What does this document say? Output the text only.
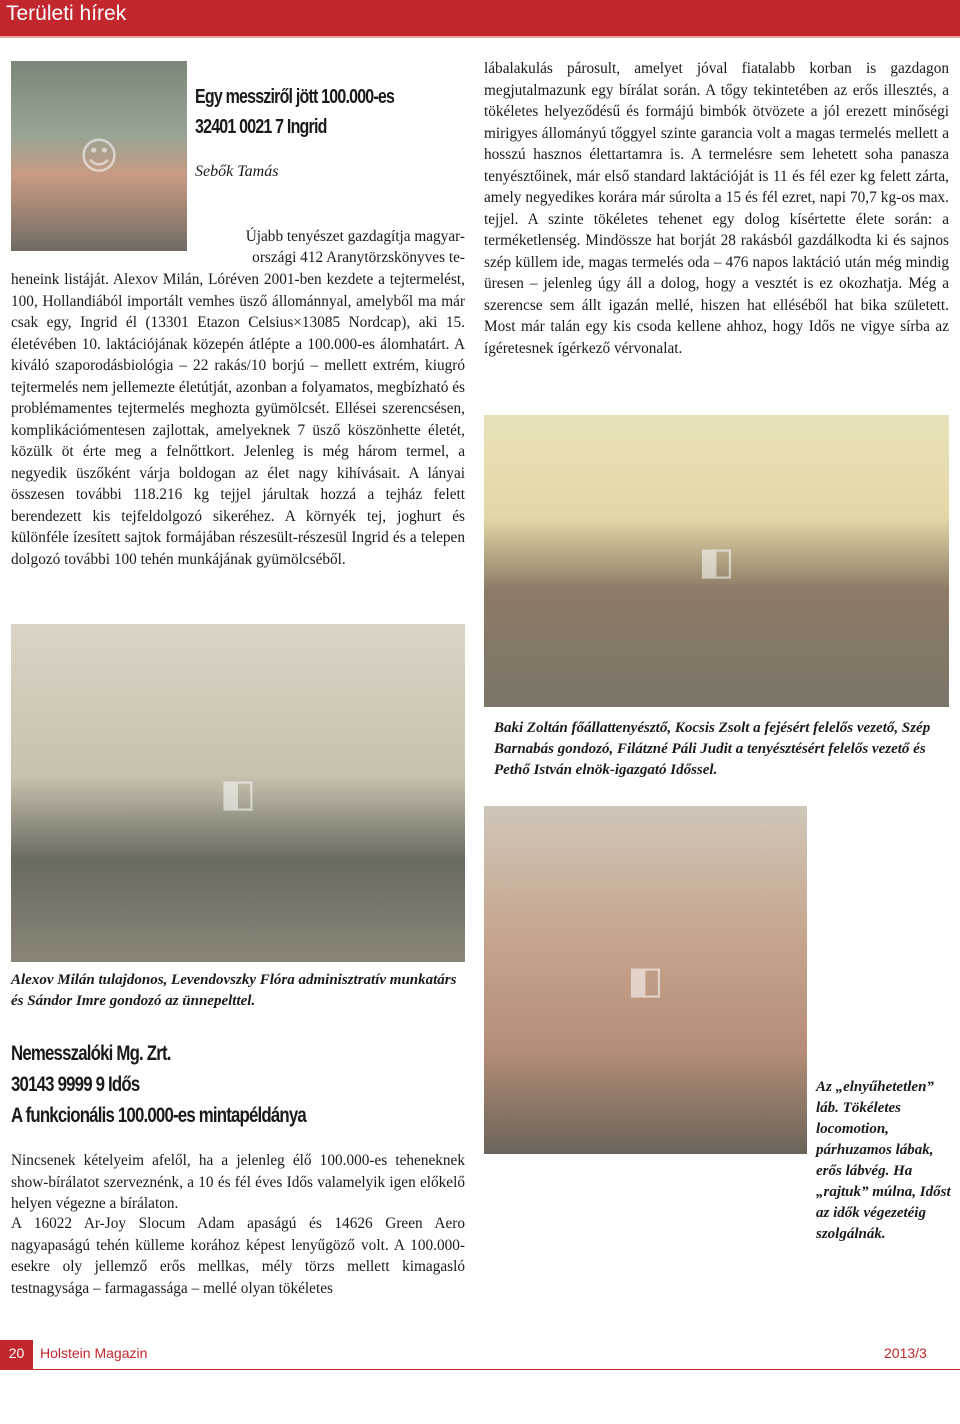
Területi hírek
☺
Egy messziről jött 100.000-es
32401 0021 7 Ingrid
Sebők Tamás
Újabb tenyészet gazdagítja magyar-
országi 412 Aranytörzskönyves te-

heneink listáját. Alexov Milán, Lóréven 2001-ben kezdete a tejtermelést, 100, Hollandiából importált vemhes üsző állománnyal, amelyből ma már csak egy, Ingrid él (13301 Etazon Celsius×13085 Nordcap), aki 15. életévében 10. laktációjának közepén átlépte a 100.000-es álomhatárt. A kiváló szaporodásbiológia – 22 rakás/10 borjú – mellett extrém, kiugró tejtermelés nem jellemezte életútját, azonban a folyamatos, megbízható és problémamentes tejtermelés meghozta gyümölcsét. Ellései szerencsésen, komplikációmentesen zajlottak, amelyeknek 7 üsző köszönhette életét, közülk öt érte meg a felnőttkort. Jelenleg is még három termel, a negyedik üszőként várja boldogan az élet nagy kihívásait. A lányai összesen további 118.216 kg tejjel járultak hozzá a tejház felett berendezett kis tejfeldolgozó sikeréhez. A környék tej, joghurt és különféle ízesített sajtok formájában részesült-részesül Ingrid és a telepen dolgozó további 100 tehén munkájának gyümölcséből.

lábalakulás párosult, amelyet jóval fiatalabb korban is gazdagon megjutalmazunk egy bírálat során. A tőgy tekintetében az erős illesztés, a tökéletes helyeződésű és formájú bimbók ötvözete a jól erezett minőségi mirigyes állományú tőggyel szinte garancia volt a magas termelés mellett a hosszú hasznos élettartamra is. A termelésre sem lehetett soha panasza tenyésztőinek, már első standard laktációját is 11 és fél ezer kg felett zárta, amely negyedikes korára már súrolta a 15 és fél ezret, napi 70,7 kg-os max. tejjel. A szinte tökéletes tehenet egy dolog kísértette élete során: a terméketlenség. Mindössze hat borját 28 rakásból gazdálkodta ki és sajnos szép küllem ide, magas termelés oda – 476 napos laktáció után még mindig üresen – jelenleg úgy áll a dolog, hogy a vesztét is ez okozhatja. Még a szerencse sem állt igazán mellé, hiszen hat elléséből hat bika született. Most már talán egy kis csoda kellene ahhoz, hogy Idős ne vigye sírba az ígéretesnek ígérkező vérvonalat.

◧

Baki Zoltán főállattenyésztő, Kocsis Zsolt a fejésért felelős vezető, Szép Barnabás gondozó, Filátzné Páli Judit a tenyésztésért felelős vezető és Pethő István elnök-igazgató Időssel.

◧

Alexov Milán tulajdonos, Levendovszky Flóra adminisztratív munkatárs és Sándor Imre gondozó az ünnepelttel.	◧

Az „elnyűhetetlen” láb. Tökéletes locomotion, párhuzamos lábak, erős lábvég. Ha „rajtuk” múlna, Időst az idők végezetéig szolgálnák.

Nemesszalóki Mg. Zrt.
30143 9999 9 Idős
A funkcionális 100.000-es mintapéldánya

Nincsenek kételyeim afelől, ha a jelenleg élő 100.000-es teheneknek show-bírálatot szerveznénk, a 10 és fél éves Idős valamelyik igen előkelő helyen végezne a bírálaton.

A 16022 Ar-Joy Slocum Adam apaságú és 14626 Green Aero nagyapaságú tehén külleme korához képest lenyűgöző volt. A 100.000-esekre oly jellemző erős mellkas, mély törzs mellett kimagasló testnagysága – farmagassága – mellé olyan tökéletes

20	Holstein Magazin	2013/3
